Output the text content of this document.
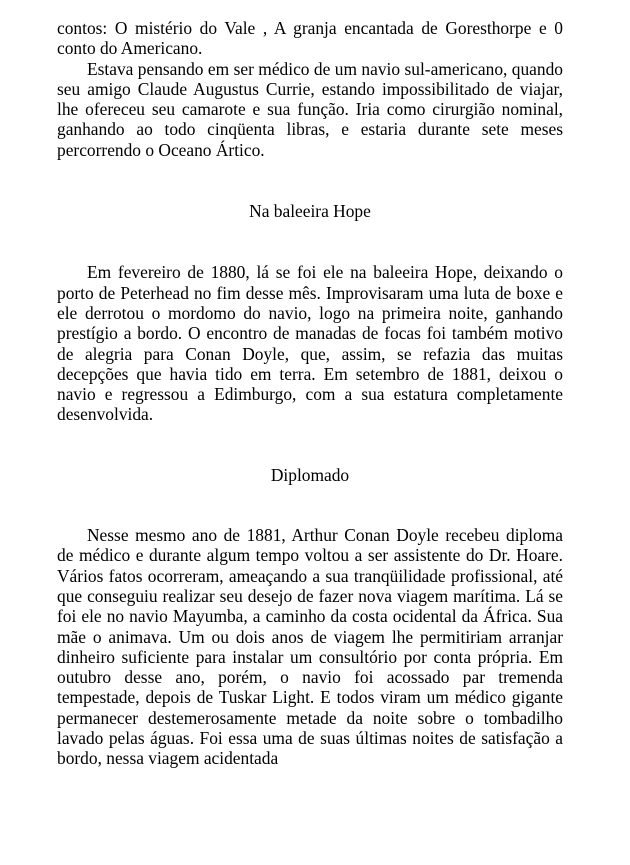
contos: O mistério do Vale , A granja encantada de Goresthorpe e 0 conto do Americano.

Estava pensando em ser médico de um navio sul-americano, quando seu amigo Claude Augustus Currie, estando impossibilitado de viajar, lhe ofereceu seu camarote e sua função. Iria como cirurgião nominal, ganhando ao todo cinqüenta libras, e estaria durante sete meses percorrendo o Oceano Ártico.

Na baleeira Hope

Em fevereiro de 1880, lá se foi ele na baleeira Hope, deixando o porto de Peterhead no fim desse mês. Improvisaram uma luta de boxe e ele derrotou o mordomo do navio, logo na primeira noite, ganhando prestígio a bordo. O encontro de manadas de focas foi também motivo de alegria para Conan Doyle, que, assim, se refazia das muitas decepções que havia tido em terra. Em setembro de 1881, deixou o navio e regressou a Edimburgo, com a sua estatura completamente desenvolvida.

Diplomado

Nesse mesmo ano de 1881, Arthur Conan Doyle recebeu diploma de médico e durante algum tempo voltou a ser assistente do Dr. Hoare. Vários fatos ocorreram, ameaçando a sua tranqüilidade profissional, até que conseguiu realizar seu desejo de fazer nova viagem marítima. Lá se foi ele no navio Mayumba, a caminho da costa ocidental da África. Sua mãe o animava. Um ou dois anos de viagem lhe permitiriam arranjar dinheiro suficiente para instalar um consultório por conta própria. Em outubro desse ano, porém, o navio foi acossado par tremenda tempestade, depois de Tuskar Light. E todos viram um médico gigante permanecer destemerosamente metade da noite sobre o tombadilho lavado pelas águas. Foi essa uma de suas últimas noites de satisfação a bordo, nessa viagem acidentada
